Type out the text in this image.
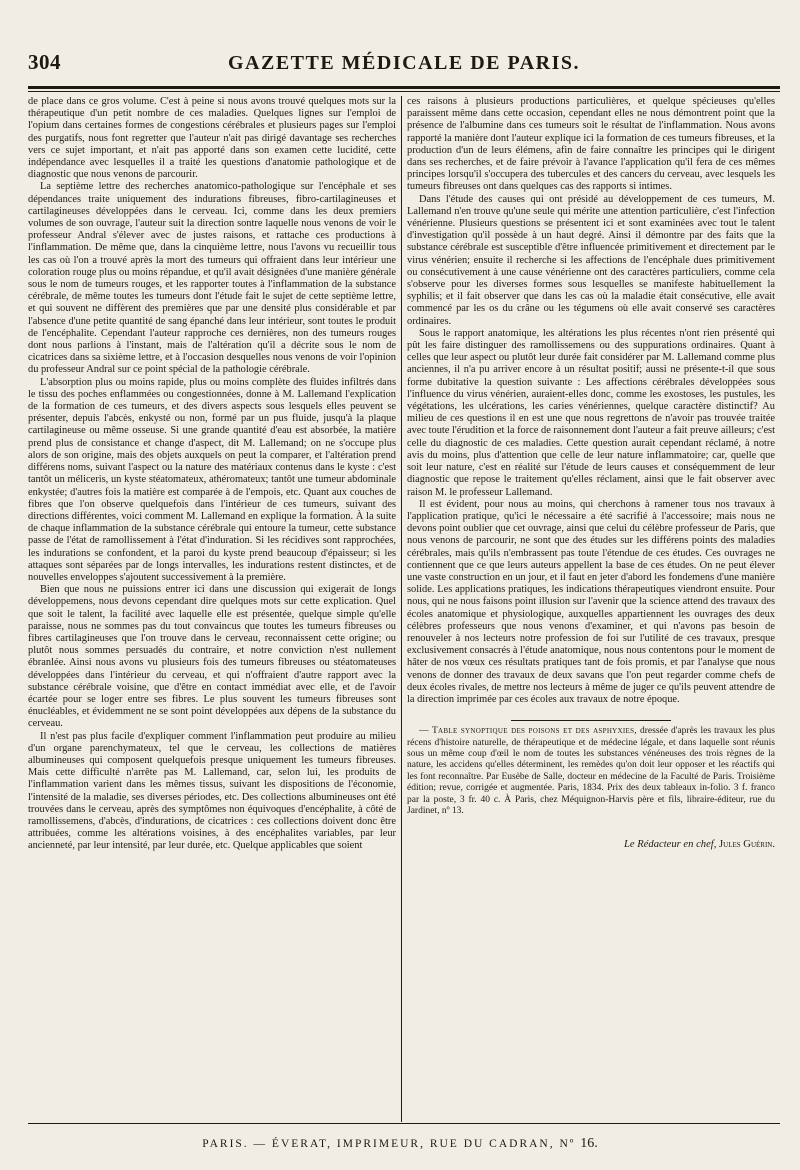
304	GAZETTE MÉDICALE DE PARIS.

de place dans ce gros volume. C'est à peine si nous avons trouvé quelques mots sur la thérapeutique d'un petit nombre de ces maladies. Quelques lignes sur l'emploi de l'opium dans certaines formes de congestions cérébrales et plusieurs pages sur l'emploi des purgatifs, nous font regretter que l'auteur n'ait pas dirigé davantage ses recherches vers ce sujet important, et n'ait pas apporté dans son examen cette lucidité, cette indépendance avec lesquelles il a traité les questions d'anatomie pathologique et de diagnostic que nous venons de parcourir.

La septième lettre des recherches anatomico-pathologique sur l'encéphale et ses dépendances traite uniquement des indurations fibreuses, fibro-cartilagineuses et cartilagineuses développées dans le cerveau. Ici, comme dans les deux premiers volumes de son ouvrage, l'auteur suit la direction sontre laquelle nous venons de voir le professeur Andral s'élever avec de justes raisons, et rattache ces productions à l'inflammation. De même que, dans la cinquième lettre, nous l'avons vu recueillir tous les cas où l'on a trouvé après la mort des tumeurs qui offraient dans leur intérieur une coloration rouge plus ou moins répandue, et qu'il avait désignées d'une manière générale sous le nom de tumeurs rouges, et les rapporter toutes à l'inflammation de la substance cérébrale, de même toutes les tumeurs dont l'étude fait le sujet de cette septième lettre, et qui souvent ne diffèrent des premières que par une densité plus considérable et par l'absence d'une petite quantité de sang épanché dans leur intérieur, sont toutes le produit de l'encéphalite. Cependant l'auteur rapproche ces dernières, non des tumeurs rouges dont nous parlions à l'instant, mais de l'altération qu'il a décrite sous le nom de cicatrices dans sa sixième lettre, et à l'occasion desquelles nous venons de voir l'opinion du professeur Andral sur ce point spécial de la pathologie cérébrale.

L'absorption plus ou moins rapide, plus ou moins complète des fluides infiltrés dans le tissu des poches enflammées ou congestionnées, donne à M. Lallemand l'explication de la formation de ces tumeurs, et des divers aspects sous lesquels elles peuvent se présenter, depuis l'abcès, enkysté ou non, formé par un pus fluide, jusqu'à la plaque cartilagineuse ou même osseuse. Si une grande quantité d'eau est absorbée, la matière prend plus de consistance et change d'aspect, dit M. Lallemand; on ne s'occupe plus alors de son origine, mais des objets auxquels on peut la comparer, et l'altération prend différens noms, suivant l'aspect ou la nature des matériaux contenus dans le kyste : c'est tantôt un méliceris, un kyste stéatomateux, athéromateux; tantôt une tumeur abdominale enkystée; d'autres fois la matière est comparée à de l'empois, etc. Quant aux couches de fibres que l'on observe quelquefois dans l'intérieur de ces tumeurs, suivant des directions différentes, voici comment M. Lallemand en explique la formation. À la suite de chaque inflammation de la substance cérébrale qui entoure la tumeur, cette substance passe de l'état de ramollissement à l'état d'induration. Si les récidives sont rapprochées, les indurations se confondent, et la paroi du kyste prend beaucoup d'épaisseur; si les attaques sont séparées par de longs intervalles, les indurations restent distinctes, et de nouvelles enveloppes s'ajoutent successivement à la première.

Bien que nous ne puissions entrer ici dans une discussion qui exigerait de longs développemens, nous devons cependant dire quelques mots sur cette explication. Quel que soit le talent, la facilité avec laquelle elle est présentée, quelque simple qu'elle paraisse, nous ne sommes pas du tout convaincus que toutes les tumeurs fibreuses ou fibres cartilagineuses que l'on trouve dans le cerveau, reconnaissent cette origine; ou plutôt nous sommes persuadés du contraire, et notre conviction n'est nullement ébranlée. Ainsi nous avons vu plusieurs fois des tumeurs fibreuses ou stéatomateuses développées dans l'intérieur du cerveau, et qui n'offraient d'autre rapport avec la substance cérébrale voisine, que d'être en contact immédiat avec elle, et de l'avoir écartée pour se loger entre ses fibres. Le plus souvent les tumeurs fibreuses sont énucléables, et évidemment ne se sont point développées aux dépens de la substance du cerveau.

Il n'est pas plus facile d'expliquer comment l'inflammation peut produire au milieu d'un organe parenchymateux, tel que le cerveau, les collections de matières albumineuses qui composent quelquefois presque uniquement les tumeurs fibreuses. Mais cette difficulté n'arrête pas M. Lallemand, car, selon lui, les produits de l'inflammation varient dans les mêmes tissus, suivant les dispositions de l'économie, l'intensité de la maladie, ses diverses périodes, etc. Des collections albumineuses ont été trouvées dans le cerveau, après des symptômes non équivoques d'encéphalite, à côté de ramollissemens, d'abcès, d'indurations, de cicatrices : ces collections doivent donc être attribuées, comme les altérations voisines, à des encéphalites variables, par leur ancienneté, par leur intensité, par leur durée, etc. Quelque applicables que soient

ces raisons à plusieurs productions particulières, et quelque spécieuses qu'elles paraissent même dans cette occasion, cependant elles ne nous démontrent point que la présence de l'albumine dans ces tumeurs soit le résultat de l'inflammation. Nous avons rapporté la manière dont l'auteur explique ici la formation de ces tumeurs fibreuses, et la production d'un de leurs élémens, afin de faire connaître les principes qui le dirigent dans ses recherches, et de faire prévoir à l'avance l'application qu'il fera de ces mêmes principes lorsqu'il s'occupera des tubercules et des cancers du cerveau, avec lesquels les tumeurs fibreuses ont dans quelques cas des rapports si intimes.

Dans l'étude des causes qui ont présidé au développement de ces tumeurs, M. Lallemand n'en trouve qu'une seule qui mérite une attention particulière, c'est l'infection vénérienne. Plusieurs questions se présentent ici et sont examinées avec tout le talent d'investigation qu'il possède à un haut degré. Ainsi il démontre par des faits que la substance cérébrale est susceptible d'être influencée primitivement et directement par le virus vénérien; ensuite il recherche si les affections de l'encéphale dues primitivement ou consécutivement à une cause vénérienne ont des caractères particuliers, comme cela s'observe pour les diverses formes sous lesquelles se manifeste habituellement la syphilis; et il fait observer que dans les cas où la maladie était consécutive, elle avait commencé par les os du crâne ou les tégumens où elle avait conservé ses caractères ordinaires.

Sous le rapport anatomique, les altérations les plus récentes n'ont rien présenté qui pût les faire distinguer des ramollissemens ou des suppurations ordinaires. Quant à celles que leur aspect ou plutôt leur durée fait considérer par M. Lallemand comme plus anciennes, il n'a pu arriver encore à un résultat positif; aussi ne présente-t-il que sous forme dubitative la question suivante : Les affections cérébrales développées sous l'influence du virus vénérien, auraient-elles donc, comme les exostoses, les pustules, les végétations, les ulcérations, les caries vénériennes, quelque caractère distinctif? Au milieu de ces questions il en est une que nous regrettons de n'avoir pas trouvée traitée avec toute l'érudition et la force de raisonnement dont l'auteur a fait preuve ailleurs; c'est celle du diagnostic de ces maladies. Cette question aurait cependant réclamé, à notre avis du moins, plus d'attention que celle de leur nature inflammatoire; car, quelle que soit leur nature, c'est en réalité sur l'étude de leurs causes et conséquemment de leur diagnostic que repose le traitement qu'elles réclament, ainsi que le fait observer avec raison M. le professeur Lallemand.

Il est évident, pour nous au moins, qui cherchons à ramener tous nos travaux à l'application pratique, qu'ici le nécessaire a été sacrifié à l'accessoire; mais nous ne devons point oublier que cet ouvrage, ainsi que celui du célèbre professeur de Paris, que nous venons de parcourir, ne sont que des études sur les différens points des maladies cérébrales, mais qu'ils n'embrassent pas toute l'étendue de ces études. Ces ouvrages ne contiennent que ce que leurs auteurs appellent la base de ces études. On ne peut élever une vaste construction en un jour, et il faut en jeter d'abord les fondemens d'une manière solide. Les applications pratiques, les indications thérapeutiques viendront ensuite. Pour nous, qui ne nous faisons point illusion sur l'avenir que la science attend des travaux des écoles anatomique et physiologique, auxquelles appartiennent les ouvrages des deux célèbres professeurs que nous venons d'examiner, et qui n'avons pas besoin de renouveler à nos lecteurs notre profession de foi sur l'utilité de ces travaux, presque exclusivement consacrés à l'étude anatomique, nous nous contentons pour le moment de hâter de nos vœux ces résultats pratiques tant de fois promis, et par l'analyse que nous venons de donner des travaux de deux savans que l'on peut regarder comme chefs de deux écoles rivales, de mettre nos lecteurs à même de juger ce qu'ils peuvent attendre de la direction imprimée par ces écoles aux travaux de notre époque.

— Table synoptique des poisons et des asphyxies, dressée d'après les travaux les plus récens d'histoire naturelle, de thérapeutique et de médecine légale, et dans laquelle sont réunis sous un même coup d'œil le nom de toutes les substances vénéneuses des trois règnes de la nature, les accidens qu'elles déterminent, les remèdes qu'on doit leur opposer et les réactifs qui les font reconnaître. Par Eusèbe de Salle, docteur en médecine de la Faculté de Paris. Troisième édition; revue, corrigée et augmentée. Paris, 1834. Prix des deux tableaux in-folio. 3 f. franco par la poste, 3 fr. 40 c. À Paris, chez Méquignon-Harvis père et fils, libraire-éditeur, rue du Jardinet, nº 13.

Le Rédacteur en chef, Jules Guérin.
PARIS. — ÉVERAT, IMPRIMEUR, RUE DU CADRAN, Nº 16.
